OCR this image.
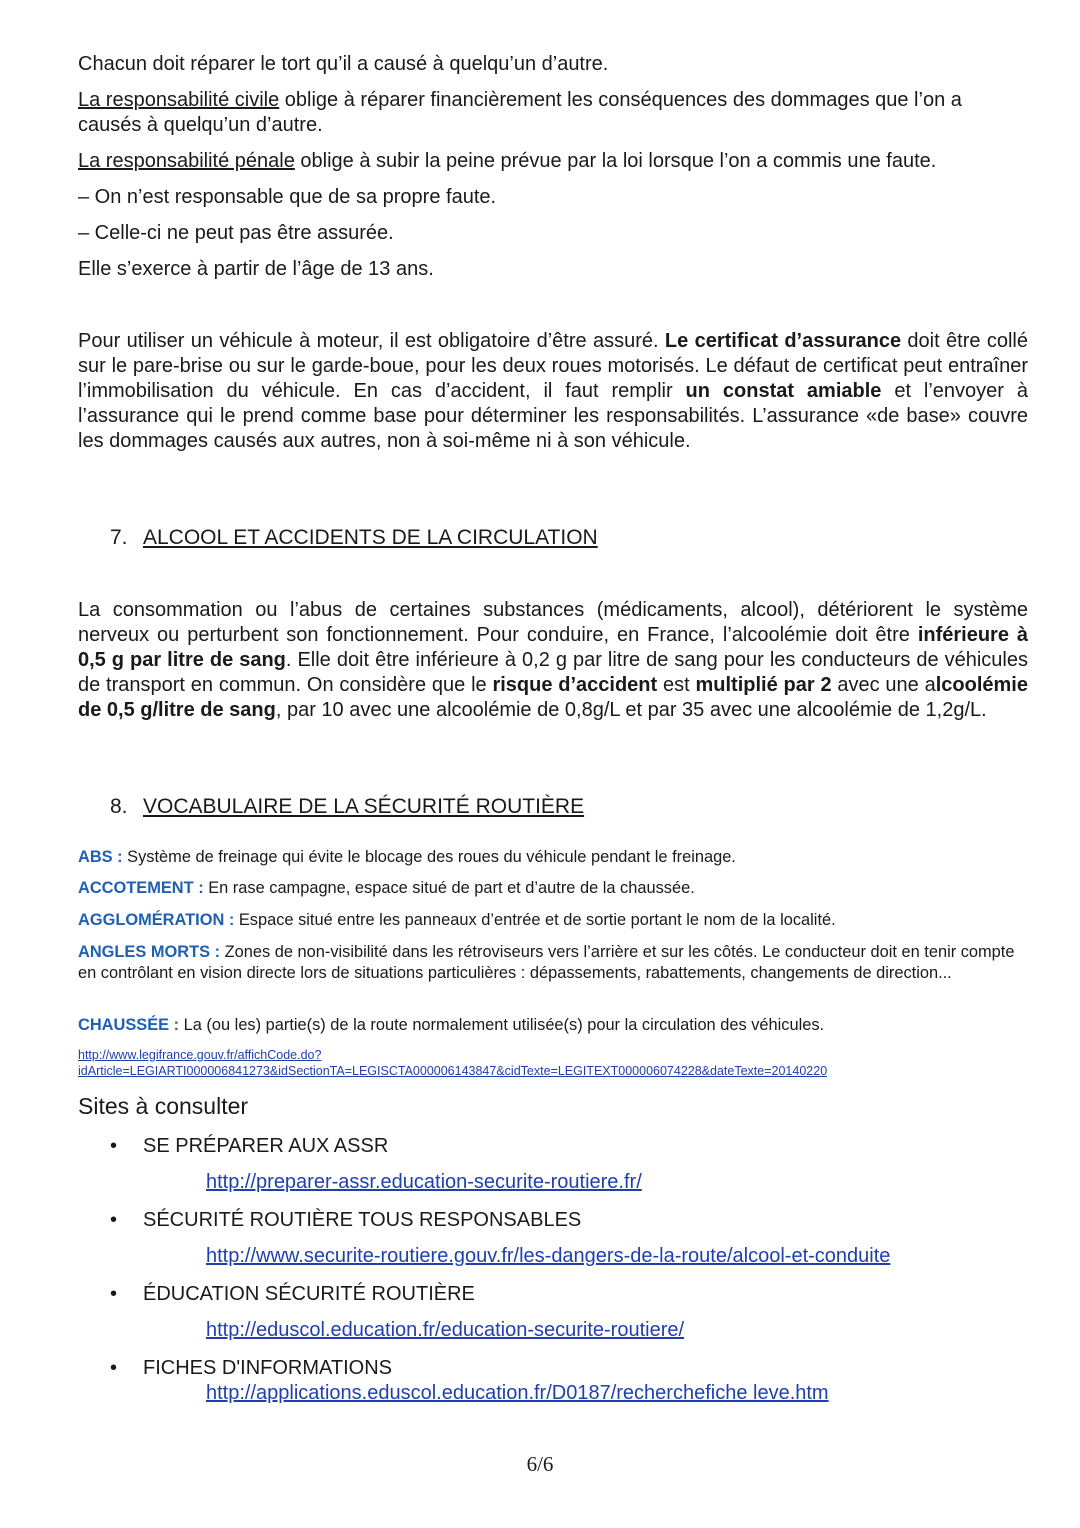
Chacun doit réparer le tort qu’il a causé à quelqu’un d’autre.

La responsabilité civile oblige à réparer financièrement les conséquences des dommages que l’on a causés à quelqu’un d’autre.

La responsabilité pénale oblige à subir la peine prévue par la loi lorsque l’on a commis une faute.

– On n’est responsable que de sa propre faute.

– Celle-ci ne peut pas être assurée.

Elle s’exerce à partir de l’âge de 13 ans.

Pour utiliser un véhicule à moteur, il est obligatoire d’être assuré. Le certificat d’assurance doit être collé sur le pare-brise ou sur le garde-boue, pour les deux roues motorisés. Le défaut de certificat peut entraîner l’immobilisation du véhicule. En cas d’accident, il faut remplir un constat amiable et l’envoyer à l’assurance qui le prend comme base pour déterminer les responsabilités. L’assurance «de base» couvre les dommages causés aux autres, non à soi-même ni à son véhicule.

7. ALCOOL ET ACCIDENTS DE LA CIRCULATION

La consommation ou l’abus de certaines substances (médicaments, alcool), détériorent le système nerveux ou perturbent son fonctionnement. Pour conduire, en France, l’alcoolémie doit être inférieure à 0,5 g par litre de sang. Elle doit être inférieure à 0,2 g par litre de sang pour les conducteurs de véhicules de transport en commun. On considère que le risque d’accident est multiplié par 2 avec une alcoolémie de 0,5 g/litre de sang, par 10 avec une alcoolémie de 0,8g/L et par 35 avec une alcoolémie de 1,2g/L.

8. VOCABULAIRE DE LA SÉCURITÉ ROUTIÈRE

ABS : Système de freinage qui évite le blocage des roues du véhicule pendant le freinage.

ACCOTEMENT : En rase campagne, espace situé de part et d’autre de la chaussée.

AGGLOMÉRATION : Espace situé entre les panneaux d’entrée et de sortie portant le nom de la localité.

ANGLES MORTS : Zones de non-visibilité dans les rétroviseurs vers l’arrière et sur les côtés. Le conducteur doit en tenir compte en contrôlant en vision directe lors de situations particulières : dépassements, rabattements, changements de direction...

CHAUSSÉE : La (ou les) partie(s) de la route normalement utilisée(s) pour la circulation des véhicules.

http://www.legifrance.gouv.fr/affichCode.do?
idArticle=LEGIARTI000006841273&idSectionTA=LEGISCTA000006143847&cidTexte=LEGITEXT000006074228&dateTexte=20140220
Sites à consulter
• SE PRÉPARER AUX ASSR
http://preparer-assr.education-securite-routiere.fr/
• SÉCURITÉ ROUTIÈRE TOUS RESPONSABLES
http://www.securite-routiere.gouv.fr/les-dangers-de-la-route/alcool-et-conduite
• ÉDUCATION SÉCURITÉ ROUTIÈRE
http://eduscol.education.fr/education-securite-routiere/
• FICHES D'INFORMATIONS
http://applications.eduscol.education.fr/D0187/recherchefiche leve.htm
6/6
